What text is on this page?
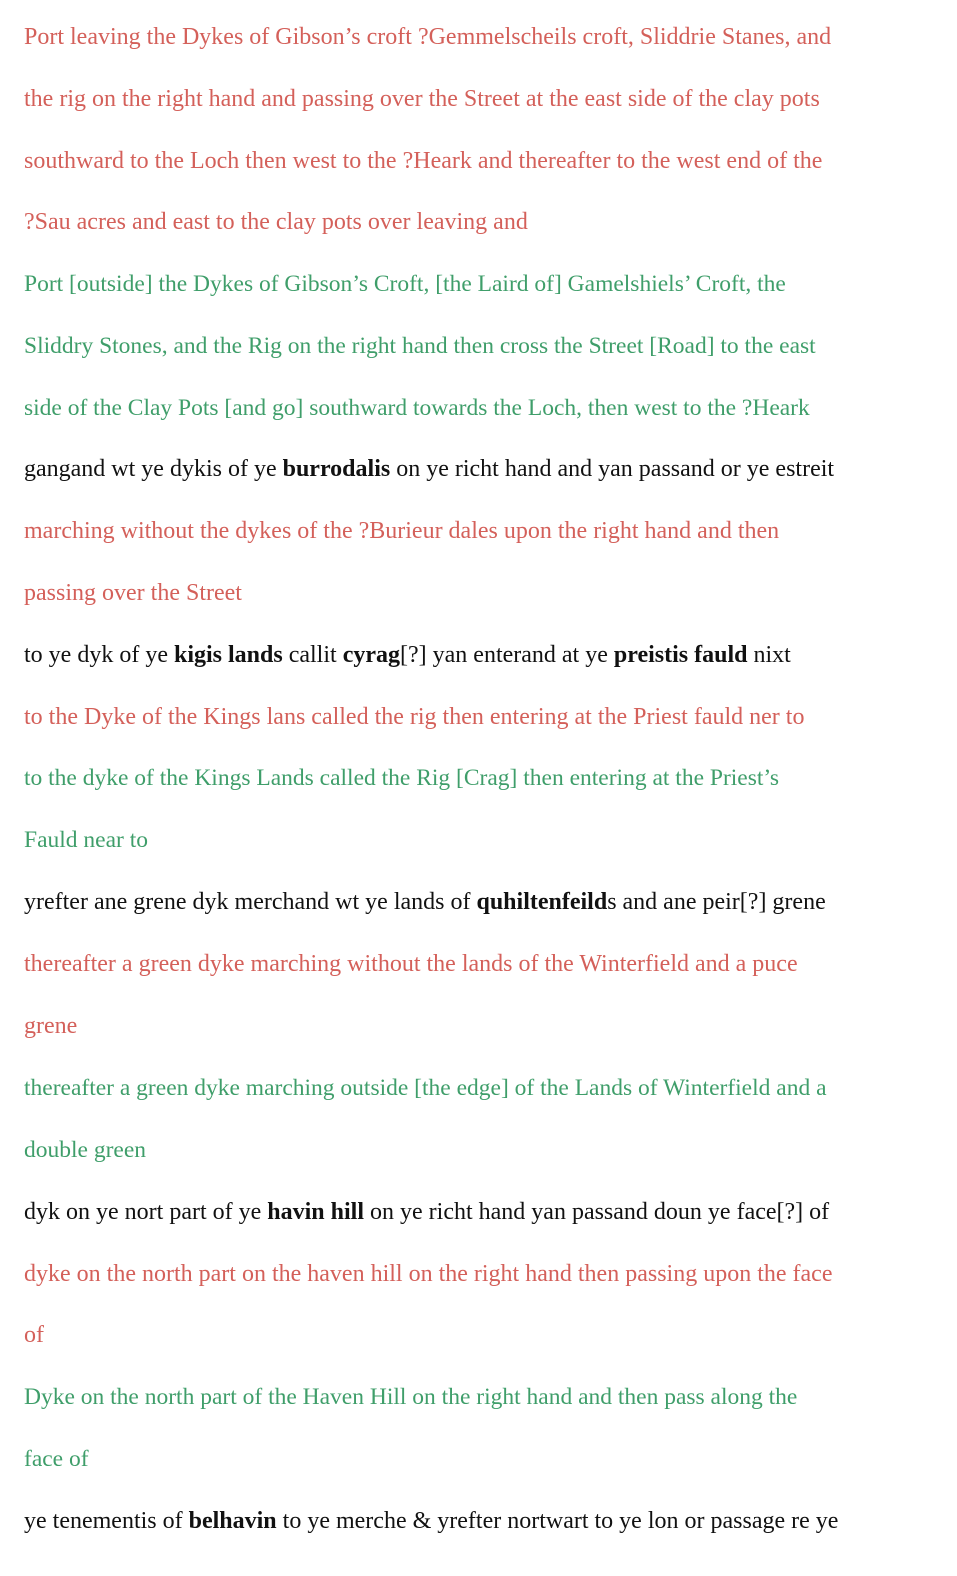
Port leaving the Dykes of Gibson’s croft ?Gemmelscheils croft, Sliddrie Stanes, and
the rig on the right hand and passing over the Street at the east side of the clay pots
southward to the Loch then west to the ?Heark and thereafter to the west end of the
?Sau acres and east to the clay pots over leaving and
Port [outside] the Dykes of Gibson’s Croft, [the Laird of] Gamelshiels’ Croft, the
Sliddry Stones, and the Rig on the right hand then cross the Street [Road] to the east
side of the Clay Pots [and go] southward towards the Loch, then west to the ?Heark
gangand wt ye dykis of ye burrodalis on ye richt hand and yan passand or ye estreit
marching without the dykes of the ?Burieur dales upon the right hand and then
passing over the Street
to ye dyk of ye kigis lands callit cyrag[?] yan enterand at ye preistis fauld nixt
to the Dyke of the Kings lans called the rig then entering at the Priest fauld ner to
to the dyke of the Kings Lands called the Rig [Crag] then entering at the Priest’s
Fauld near to
yrefter ane grene dyk merchand wt ye lands of quhiltenfeilds and ane peir[?] grene
thereafter a green dyke marching without the lands of the Winterfield and a puce
grene
thereafter a green dyke marching outside [the edge] of the Lands of Winterfield and a
double green
dyk on ye nort part of ye havin hill on ye richt hand yan passand doun ye face[?] of
dyke on the north part on the haven hill on the right hand then passing upon the face
of
Dyke on the north part of the Haven Hill on the right hand and then pass along the
face of
ye tenementis of belhavin to ye merche & yrefter nortwart to ye lon or passage re ye
